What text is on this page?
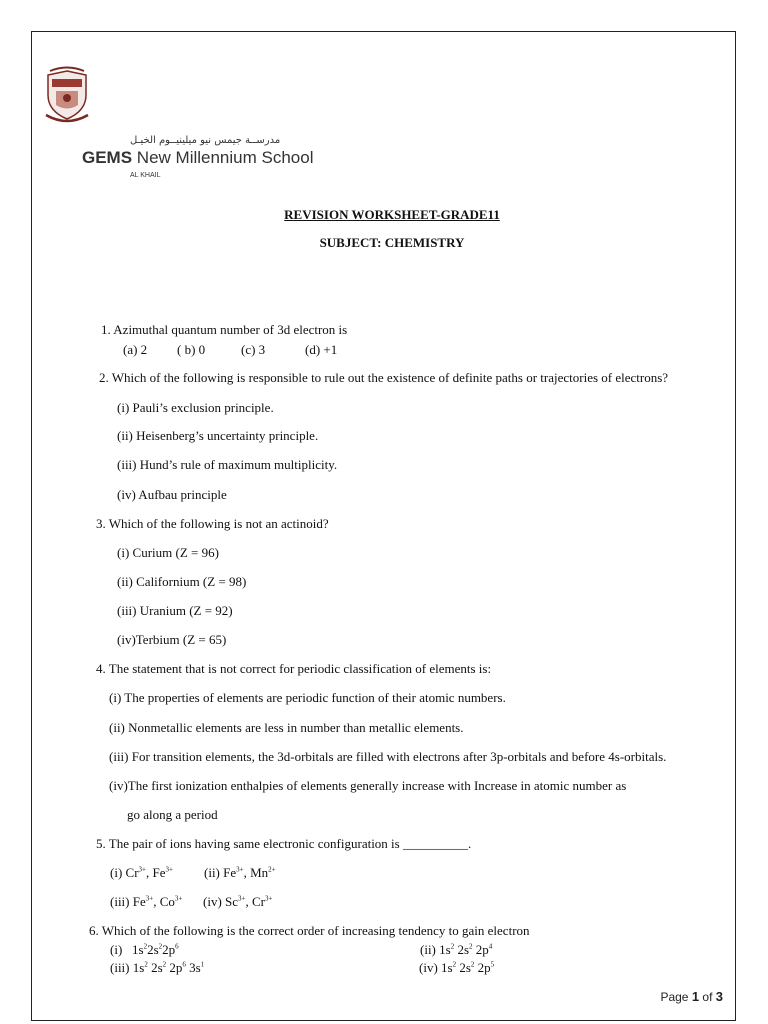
مدرســة جيمس نيو ميلينيــوم الخيـل
GEMS New Millennium School
AL KHAIL
REVISION WORKSHEET-GRADE11
SUBJECT: CHEMISTRY
1. Azimuthal quantum number of 3d electron is
(a) 2 ( b) 0	(c) 3	(d) +1
2. Which of the following is responsible to rule out the existence of definite paths or trajectories of electrons?
(i) Pauli’s exclusion principle.
(ii) Heisenberg’s uncertainty principle.
(iii) Hund’s rule of maximum multiplicity.
(iv) Aufbau principle
3. Which of the following is not an actinoid?
(i) Curium (Z = 96)
(ii) Californium (Z = 98)
(iii) Uranium (Z = 92)
(iv)Terbium (Z = 65)
4. The statement that is not correct for periodic classification of elements is:
(i) The properties of elements are periodic function of their atomic numbers.
(ii) Nonmetallic elements are less in number than metallic elements.
(iii) For transition elements, the 3d-orbitals are filled with electrons after 3p-orbitals and before 4s-orbitals.
(iv)The first ionization enthalpies of elements generally increase with Increase in atomic number as
go along a period
5. The pair of ions having same electronic configuration is __________.
(i) $Cr^{3+}$, $Fe^{3+}$ (ii) $Fe^{3+}$, $Mn^{2+}$
(iii) $Fe^{3+}$, $Co^{3+}$ (iv) $Sc^{3+}$, $Cr^{3+}$
6. Which of the following is the correct order of increasing tendency to gain electron
(i)   $1s^22s^22p^6$	(ii) $1s^2$ $2s^2$ $2p^4$
(iii) $1s^2$ $2s^2$ $2p^6$ $3s^1$	(iv) $1s^2$ $2s^2$ $2p^5$
Page 1 of 3
